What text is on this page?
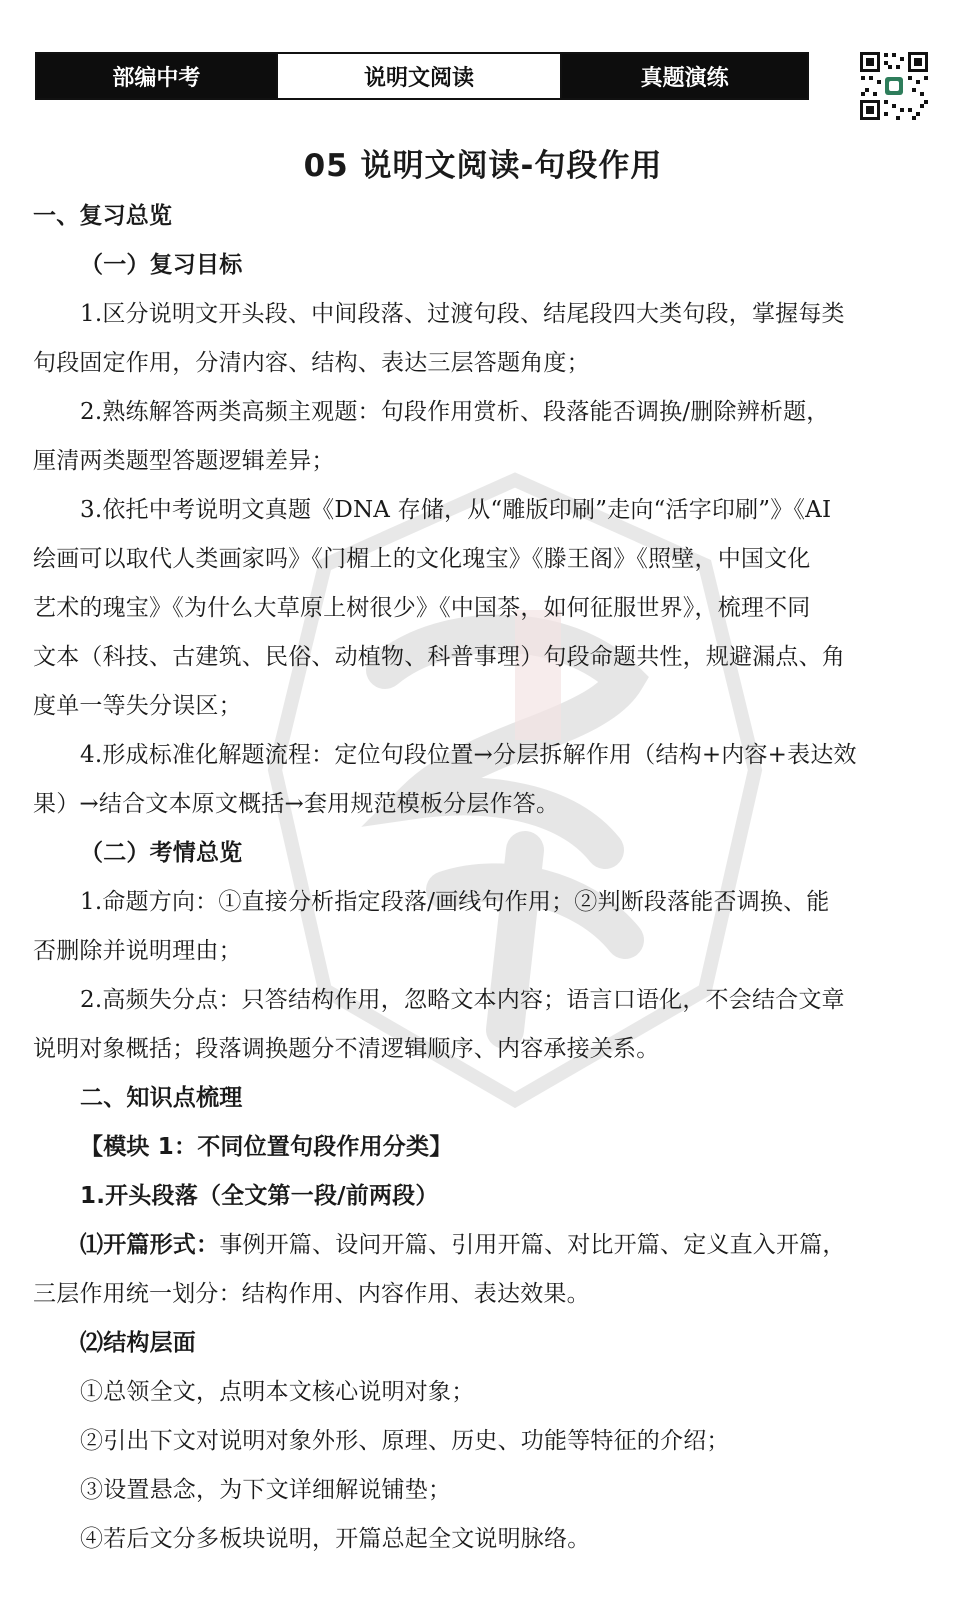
部编中考	说明文阅读	真题演练
05 说明文阅读-句段作用
一、复习总览
（一）复习目标
1.区分说明文开头段、中间段落、过渡句段、结尾段四大类句段，掌握每类
句段固定作用，分清内容、结构、表达三层答题角度；
2.熟练解答两类高频主观题：句段作用赏析、段落能否调换/删除辨析题，
厘清两类题型答题逻辑差异；
3.依托中考说明文真题《DNA 存储，从“雕版印刷”走向“活字印刷”》《AI
绘画可以取代人类画家吗》《门楣上的文化瑰宝》《滕王阁》《照壁，中国文化
艺术的瑰宝》《为什么大草原上树很少》《中国茶，如何征服世界》，梳理不同
文本（科技、古建筑、民俗、动植物、科普事理）句段命题共性，规避漏点、角
度单一等失分误区；
4.形成标准化解题流程：定位句段位置→分层拆解作用（结构+内容+表达效
果）→结合文本原文概括→套用规范模板分层作答。
（二）考情总览
1.命题方向：①直接分析指定段落/画线句作用；②判断段落能否调换、能
否删除并说明理由；
2.高频失分点：只答结构作用，忽略文本内容；语言口语化，不会结合文章
说明对象概括；段落调换题分不清逻辑顺序、内容承接关系。
二、知识点梳理
【模块 1：不同位置句段作用分类】
1.开头段落（全文第一段/前两段）
⑴开篇形式：事例开篇、设问开篇、引用开篇、对比开篇、定义直入开篇，
三层作用统一划分：结构作用、内容作用、表达效果。
⑵结构层面
①总领全文，点明本文核心说明对象；
②引出下文对说明对象外形、原理、历史、功能等特征的介绍；
③设置悬念，为下文详细解说铺垫；
④若后文分多板块说明，开篇总起全文说明脉络。
